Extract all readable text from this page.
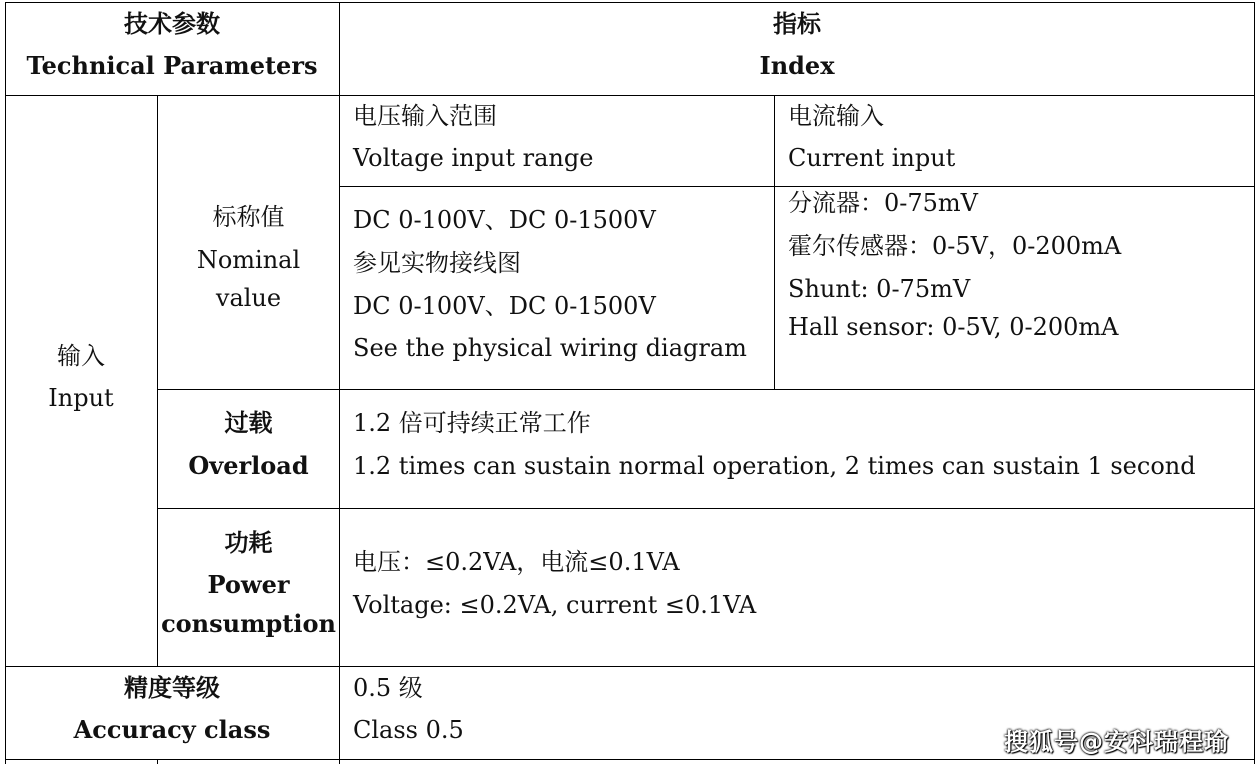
技术参数
Technical Parameters
指标
Index
输入
Input
标称值
Nominal
value
电压输入范围
Voltage input range
电流输入
Current input
DC 0-100V、DC 0-1500V
参见实物接线图
DC 0-100V、DC 0-1500V
See the physical wiring diagram
分流器：0-75mV
霍尔传感器：0-5V，0-200mA
Shunt: 0-75mV
Hall sensor: 0-5V, 0-200mA
过载
Overload
1.2 倍可持续正常工作
1.2 times can sustain normal operation, 2 times can sustain 1 second
功耗
Power
consumption
电压：≤0.2VA，电流≤0.1VA
Voltage: ≤0.2VA, current ≤0.1VA
精度等级
Accuracy class
0.5 级
Class 0.5	搜狐号@安科瑞程瑜
